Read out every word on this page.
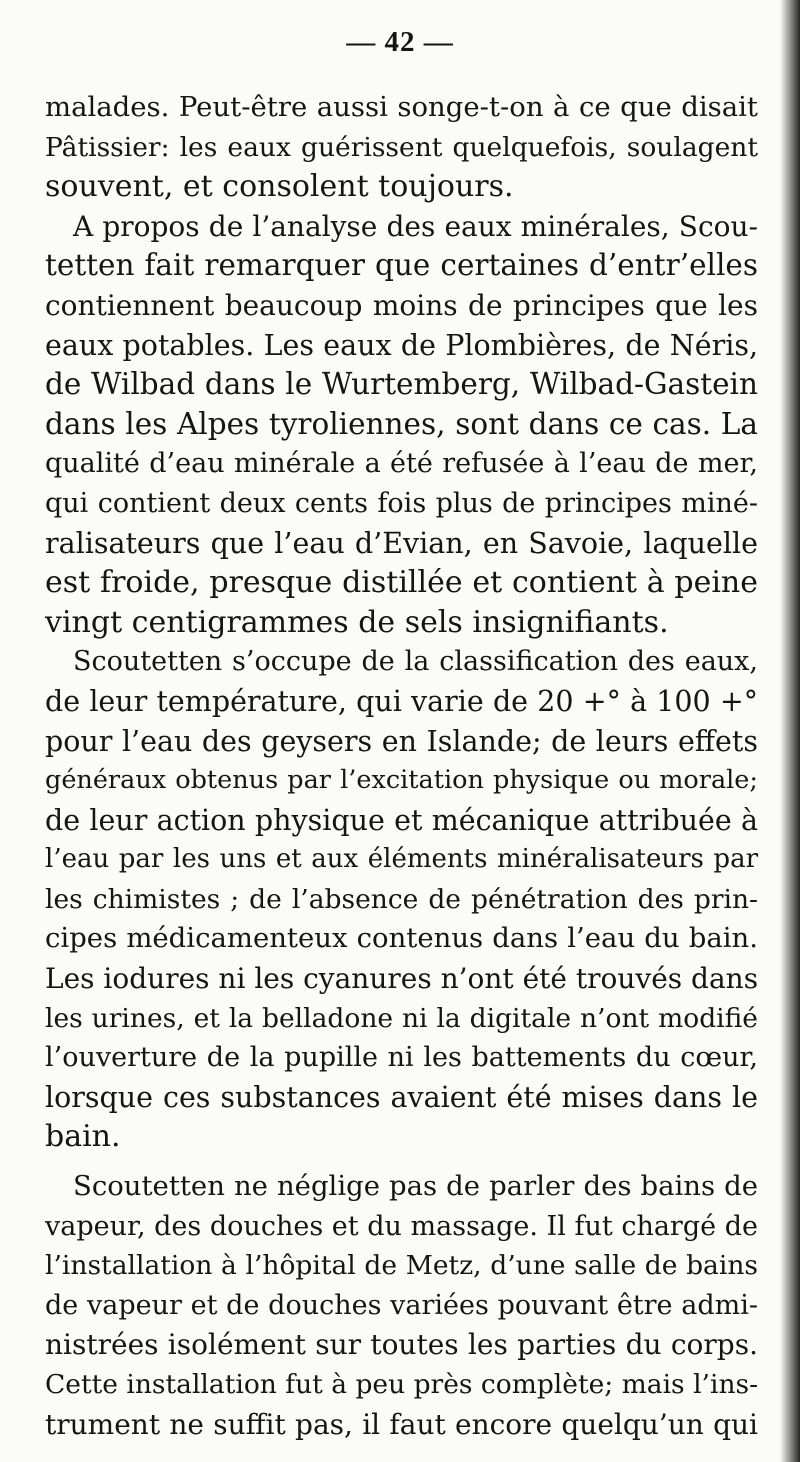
— 42 —
malades. Peut-être aussi songe-t-on à ce que disait
Pâtissier: les eaux guérissent quelquefois, soulagent
souvent, et consolent toujours.
A propos de l’analyse des eaux minérales, Scou-
tetten fait remarquer que certaines d’entr’elles
contiennent beaucoup moins de principes que les
eaux potables. Les eaux de Plombières, de Néris,
de Wilbad dans le Wurtemberg, Wilbad-Gastein
dans les Alpes tyroliennes, sont dans ce cas. La
qualité d’eau minérale a été refusée à l’eau de mer,
qui contient deux cents fois plus de principes miné-
ralisateurs que l’eau d’Evian, en Savoie, laquelle
est froide, presque distillée et contient à peine
vingt centigrammes de sels insignifiants.
Scoutetten s’occupe de la classification des eaux,
de leur température, qui varie de 20 +° à 100 +°
pour l’eau des geysers en Islande; de leurs effets
généraux obtenus par l’excitation physique ou morale;
de leur action physique et mécanique attribuée à
l’eau par les uns et aux éléments minéralisateurs par
les chimistes ; de l’absence de pénétration des prin-
cipes médicamenteux contenus dans l’eau du bain.
Les iodures ni les cyanures n’ont été trouvés dans
les urines, et la belladone ni la digitale n’ont modifié
l’ouverture de la pupille ni les battements du cœur,
lorsque ces substances avaient été mises dans le
bain.
Scoutetten ne néglige pas de parler des bains de
vapeur, des douches et du massage. Il fut chargé de
l’installation à l’hôpital de Metz, d’une salle de bains
de vapeur et de douches variées pouvant être admi-
nistrées isolément sur toutes les parties du corps.
Cette installation fut à peu près complète; mais l’ins-
trument ne suffit pas, il faut encore quelqu’un qui
